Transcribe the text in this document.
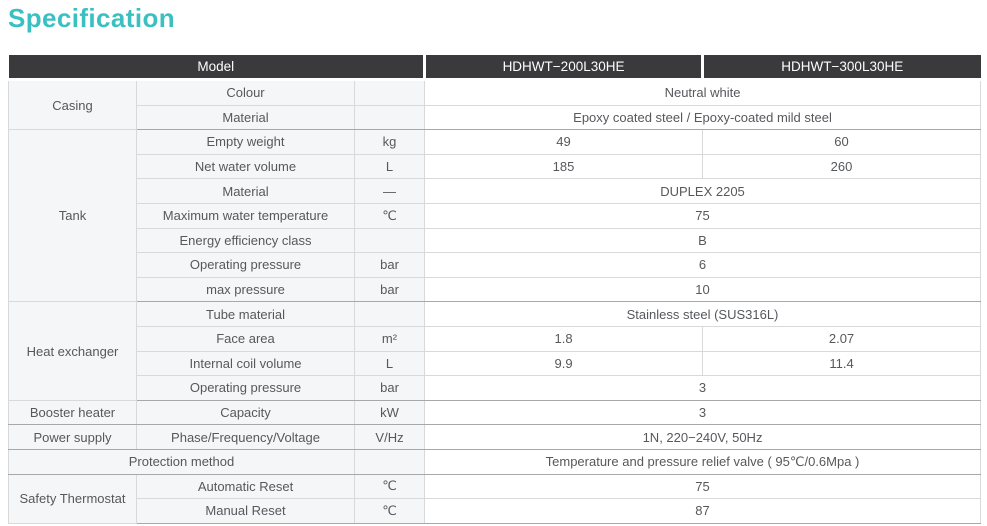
Specification
Model			HDHWT−200L30HE	HDHWT−300L30HE
Casing	Colour		Neutral white	
	Material		Epoxy coated steel / Epoxy-coated mild steel	
Tank	Empty weight	kg	49	60
	Net water volume	L	185	260
	Material	—	DUPLEX 2205	
	Maximum water temperature	℃	75	
	Energy efficiency class		B	
	Operating pressure	bar	6	
	max pressure	bar	10	
Heat exchanger	Tube material		Stainless steel (SUS316L)	
	Face area	m²	1.8	2.07
	Internal coil volume	L	9.9	11.4
	Operating pressure	bar	3	
Booster heater	Capacity	kW	3	
Power supply	Phase/Frequency/Voltage	V/Hz	1N, 220−240V, 50Hz	
Protection method			Temperature and pressure relief valve ( 95℃/0.6Mpa )	
Safety Thermostat	Automatic Reset	℃	75	
	Manual Reset	℃	87	
